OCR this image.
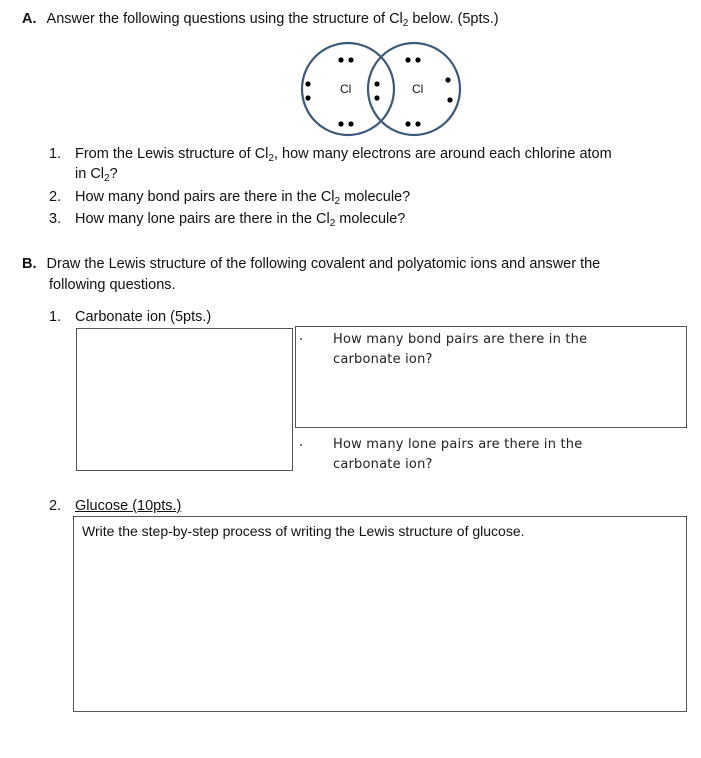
A. Answer the following questions using the structure of $Cl_2$ below. (5pts.)
Cl	Cl
1. From the Lewis structure of $Cl_2$, how many electrons are around each chlorine atom
in $Cl_2$?
2. How many bond pairs are there in the $Cl_2$ molecule?
3. How many lone pairs are there in the $Cl_2$ molecule?
B. Draw the Lewis structure of the following covalent and polyatomic ions and answer the
following questions.
1. Carbonate ion (5pts.)
How many bond pairs are there in the
carbonate ion?
How many lone pairs are there in the
carbonate ion?
2. Glucose (10pts.)
Write the step-by-step process of writing the Lewis structure of glucose.
